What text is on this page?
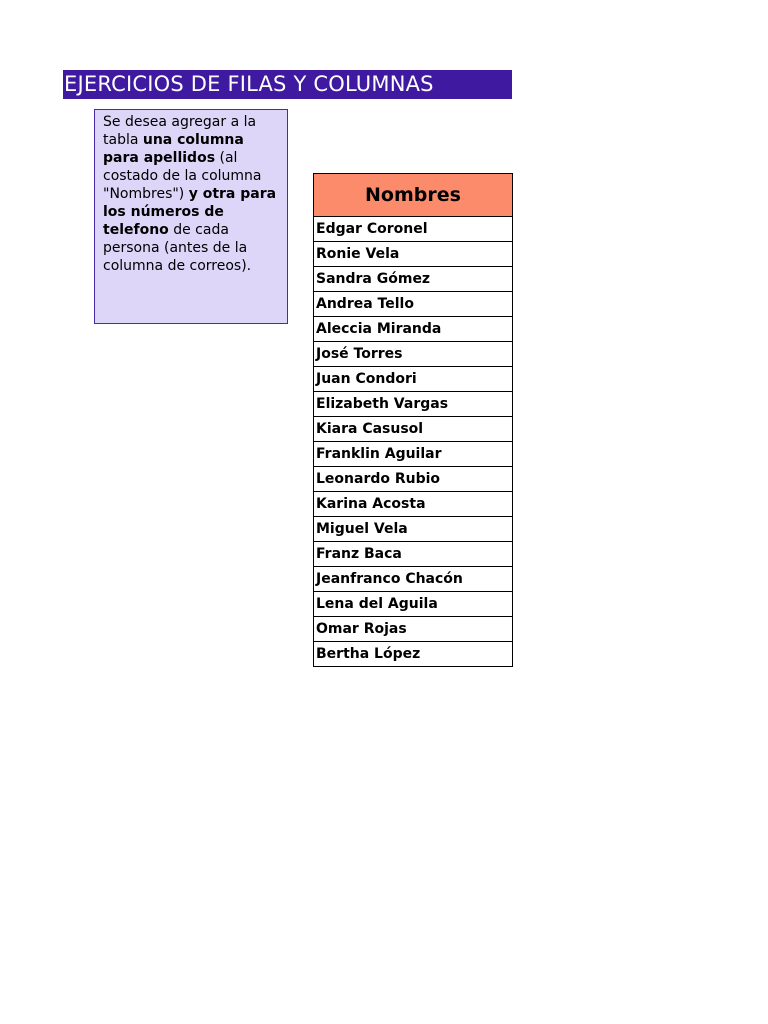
EJERCICIOS DE FILAS Y COLUMNAS
Se desea agregar a la tabla una columna para apellidos (al costado de la columna "Nombres") y otra para los números de telefono de cada persona (antes de la columna de correos).
Nombres
Edgar Coronel
Ronie Vela
Sandra Gómez
Andrea Tello
Aleccia Miranda
José Torres
Juan Condori
Elizabeth Vargas
Kiara Casusol
Franklin Aguilar
Leonardo Rubio
Karina Acosta
Miguel Vela
Franz Baca
Jeanfranco Chacón
Lena del Aguila
Omar Rojas
Bertha López
